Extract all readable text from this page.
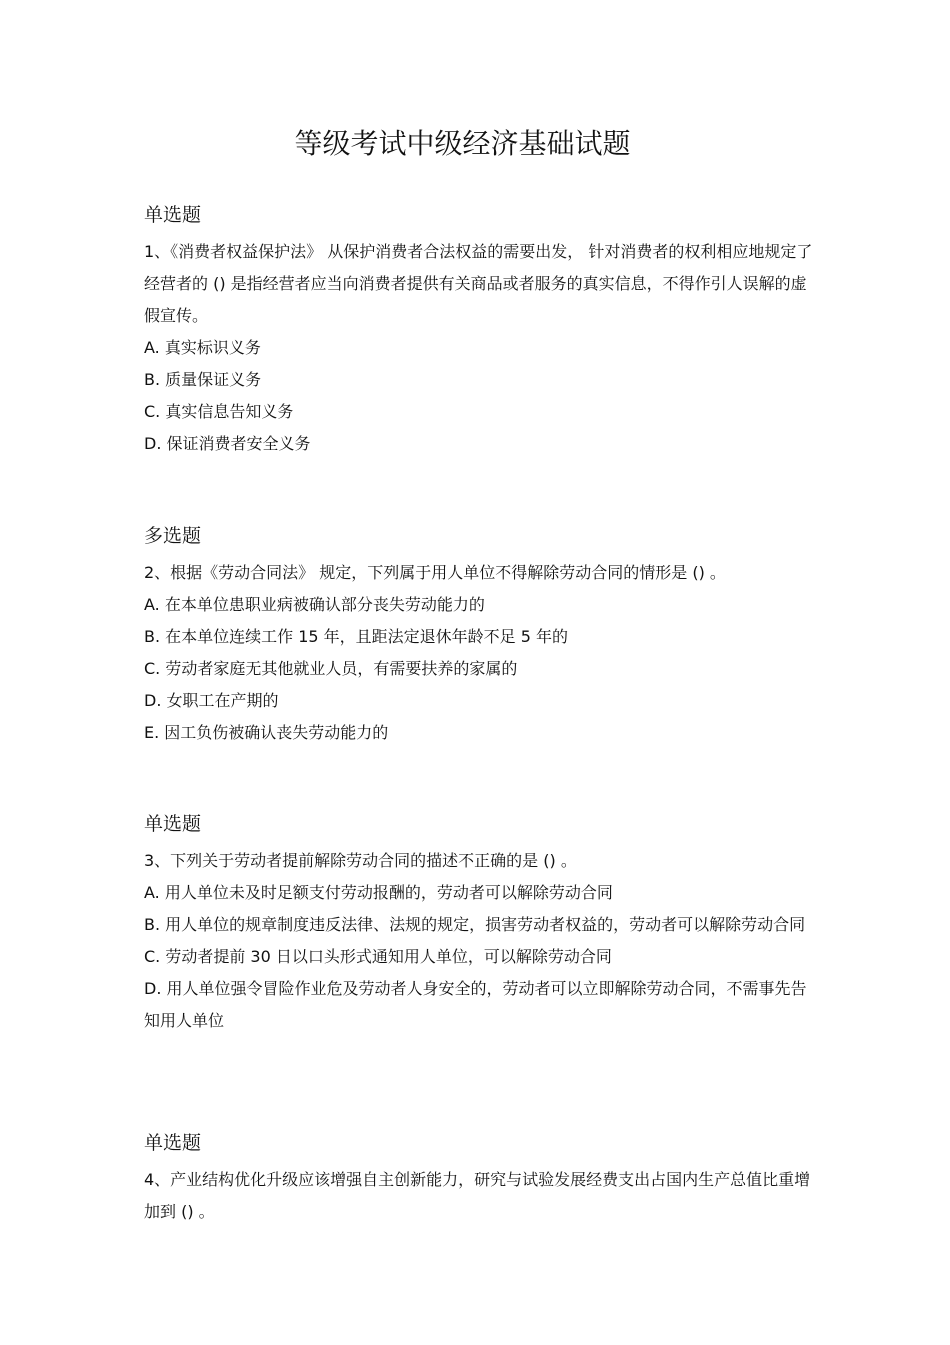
等级考试中级经济基础试题
单选题
1、《消费者权益保护法》 从保护消费者合法权益的需要出发， 针对消费者的权利相应地规定了经营者的 () 是指经营者应当向消费者提供有关商品或者服务的真实信息，不得作引人误解的虚假宣传。
A. 真实标识义务
B. 质量保证义务
C. 真实信息告知义务
D. 保证消费者安全义务
多选题
2、根据《劳动合同法》 规定，下列属于用人单位不得解除劳动合同的情形是 () 。
A. 在本单位患职业病被确认部分丧失劳动能力的
B. 在本单位连续工作 15 年，且距法定退休年龄不足 5 年的
C. 劳动者家庭无其他就业人员，有需要扶养的家属的
D. 女职工在产期的
E. 因工负伤被确认丧失劳动能力的
单选题
3、下列关于劳动者提前解除劳动合同的描述不正确的是 () 。
A. 用人单位未及时足额支付劳动报酬的，劳动者可以解除劳动合同
B. 用人单位的规章制度违反法律、法规的规定，损害劳动者权益的，劳动者可以解除劳动合同
C. 劳动者提前 30 日以口头形式通知用人单位，可以解除劳动合同
D. 用人单位强令冒险作业危及劳动者人身安全的，劳动者可以立即解除劳动合同，不需事先告知用人单位
单选题
4、产业结构优化升级应该增强自主创新能力，研究与试验发展经费支出占国内生产总值比重增加到 () 。
